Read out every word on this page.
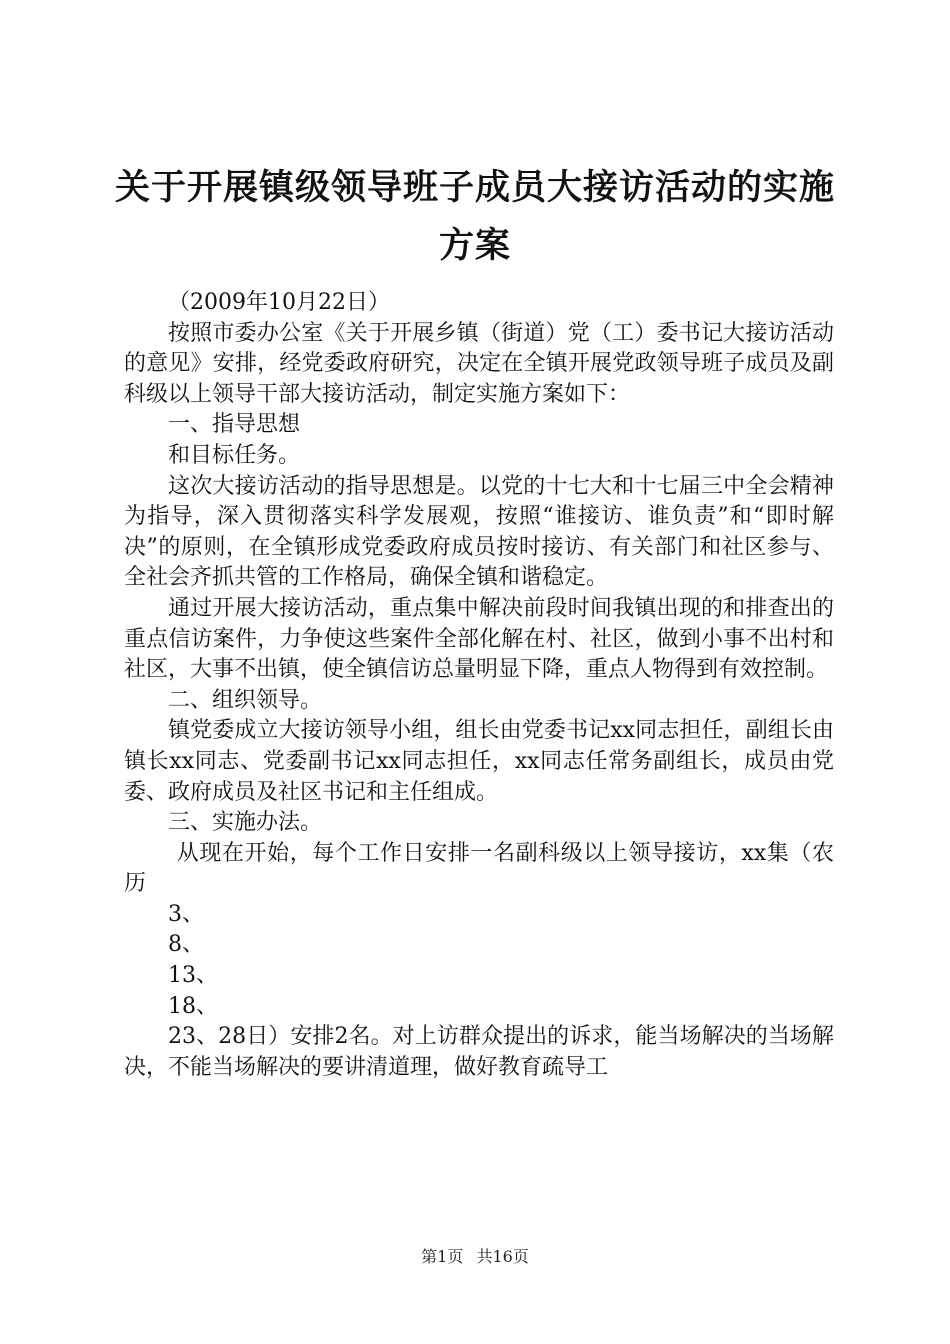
关于开展镇级领导班子成员大接访活动的实施
方案

（2009年10月22日）

按照市委办公室《关于开展乡镇（街道）党（工）委书记大接访活动的意见》安排，经党委政府研究，决定在全镇开展党政领导班子成员及副科级以上领导干部大接访活动，制定实施方案如下：

一、指导思想

和目标任务。

这次大接访活动的指导思想是。以党的十七大和十七届三中全会精神为指导，深入贯彻落实科学发展观，按照“谁接访、谁负责”和“即时解决”的原则，在全镇形成党委政府成员按时接访、有关部门和社区参与、全社会齐抓共管的工作格局，确保全镇和谐稳定。

通过开展大接访活动，重点集中解决前段时间我镇出现的和排查出的重点信访案件，力争使这些案件全部化解在村、社区，做到小事不出村和社区，大事不出镇，使全镇信访总量明显下降，重点人物得到有效控制。

二、组织领导。

镇党委成立大接访领导小组，组长由党委书记xx同志担任，副组长由镇长xx同志、党委副书记xx同志担任，xx同志任常务副组长，成员由党委、政府成员及社区书记和主任组成。

三、实施办法。

从现在开始，每个工作日安排一名副科级以上领导接访，xx集（农历

3、

8、

13、

18、

23、28日）安排2名。对上访群众提出的诉求，能当场解决的当场解决，不能当场解决的要讲清道理，做好教育疏导工

第1页 共16页
